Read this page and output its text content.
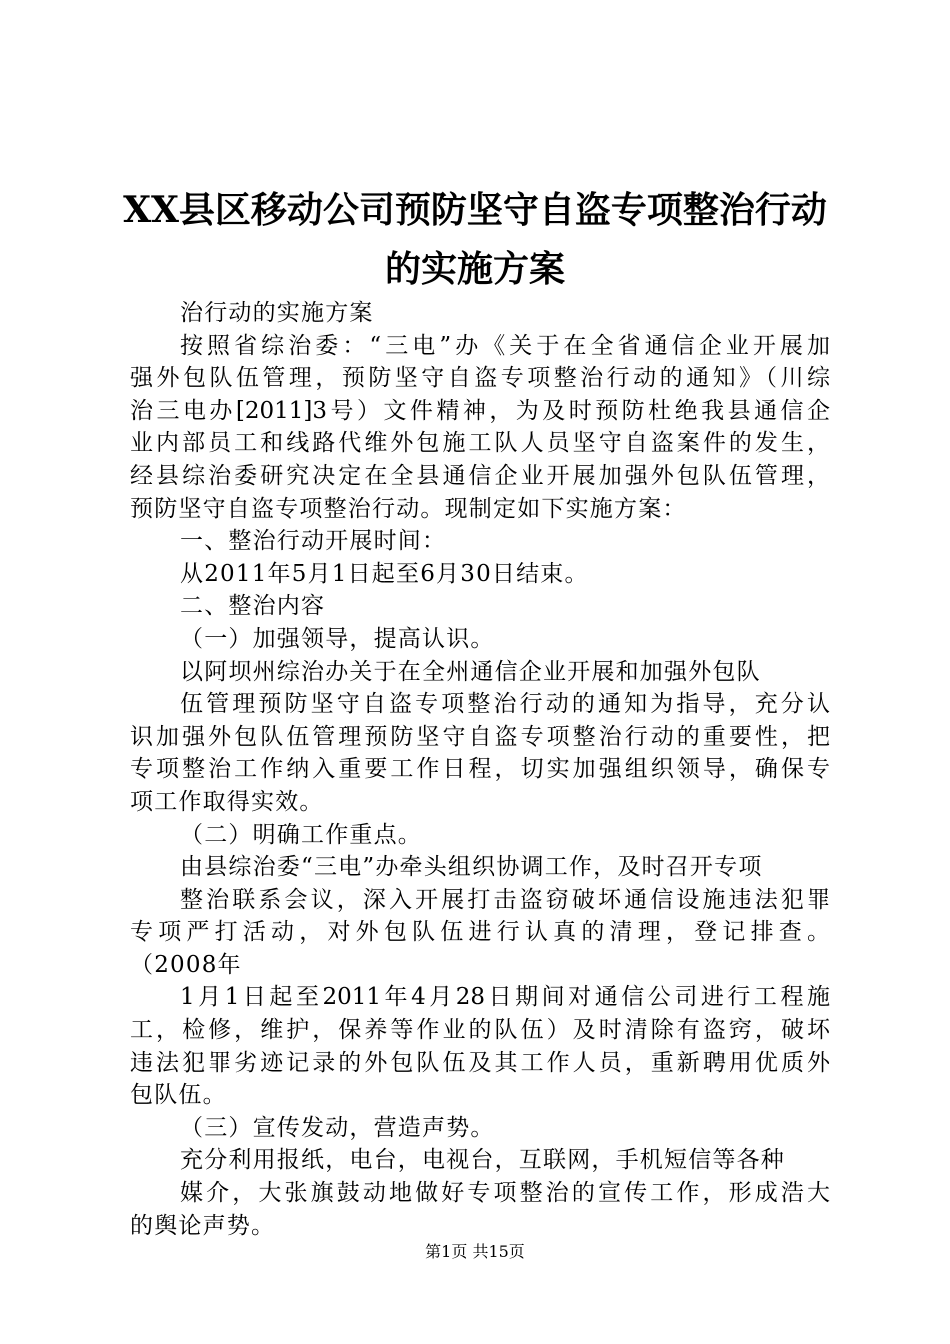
XX县区移动公司预防坚守自盗专项整治行动
的实施方案
治行动的实施方案
按照省综治委：“三电”办《关于在全省通信企业开展加
强外包队伍管理，预防坚守自盗专项整治行动的通知》（川综
治三电办[2011]3号）文件精神，为及时预防杜绝我县通信企
业内部员工和线路代维外包施工队人员坚守自盗案件的发生，
经县综治委研究决定在全县通信企业开展加强外包队伍管理，
预防坚守自盗专项整治行动。现制定如下实施方案：
一、整治行动开展时间：
从2011年5月1日起至6月30日结束。
二、整治内容
（一）加强领导，提高认识。
以阿坝州综治办关于在全州通信企业开展和加强外包队
伍管理预防坚守自盗专项整治行动的通知为指导，充分认
识加强外包队伍管理预防坚守自盗专项整治行动的重要性，把
专项整治工作纳入重要工作日程，切实加强组织领导，确保专
项工作取得实效。
（二）明确工作重点。
由县综治委“三电”办牵头组织协调工作，及时召开专项
整治联系会议，深入开展打击盗窃破坏通信设施违法犯罪
专项严打活动，对外包队伍进行认真的清理，登记排查。
（2008年
1月1日起至2011年4月28日期间对通信公司进行工程施
工，检修，维护，保养等作业的队伍）及时清除有盗窍，破坏
违法犯罪劣迹记录的外包队伍及其工作人员，重新聘用优质外
包队伍。
（三）宣传发动，营造声势。
充分利用报纸，电台，电视台，互联网，手机短信等各种
媒介，大张旗鼓动地做好专项整治的宣传工作，形成浩大
的舆论声势。
第1页 共15页
